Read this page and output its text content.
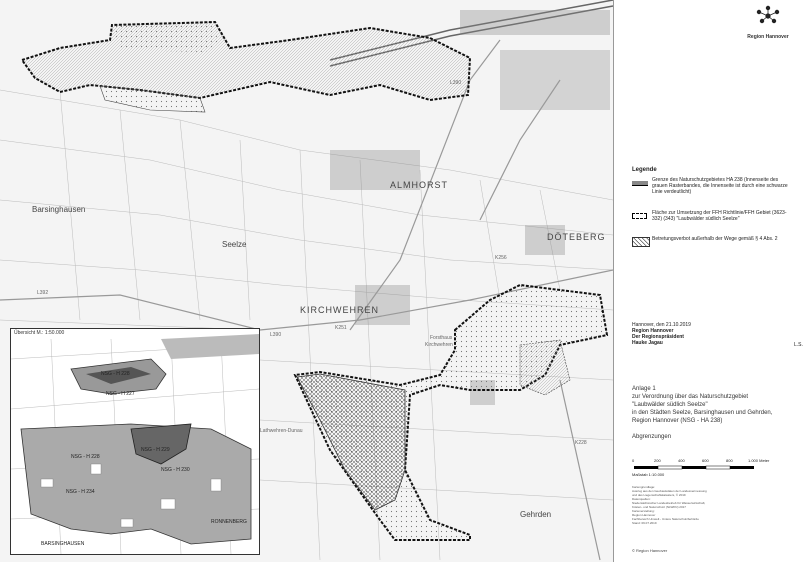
ALMHORST
DÖTEBERG
KIRCHWEHREN
Barsinghausen
Seelze
Gehrden
Forsthaus
Kirchwehren
Lathwehren-Dunau
L390
K251
L390
K256
L392
K228
Übersicht M.: 1:50.000
NSG - H 228
NSG - H 227
NSG - H 228
NSG - H 229
NSG - H 230
NSG - H 234
BARSINGHAUSEN
RONNENBERG
Region Hannover
Legende
Grenze des Naturschutzgebietes HA 238 (Innenseite des grauen Rasterbandes, die Innenseite ist durch eine schwarze Linie verdeutlicht)
Fläche zur Umsetzung der FFH Richtlinie/FFH Gebiet (3623-332) (343) "Laubwälder südlich Seelze"
Betretungsverbot außerhalb der Wege gemäß § 4 Abs. 2
Hannover, den 21.10.2019
Region Hannover
Der Regionspräsident
Hauke Jagau	L.S.
Anlage 1
zur Verordnung über das Naturschutzgebiet
"Laubwälder südlich Seelze"
in den Städten Seelze, Barsinghausen und Gehrden,
Region Hannover (NSG - HA 238)
Abgrenzungen
0	200	400	600	800	1.000 Meter
Maßstab 1:10.000
Kartengrundlage:
Auszug aus den Geobasisdaten der Landesvermessung
und des Liegenschaftskatasters, © 2019
Datenquellen:
Niedersächsischer Landesbetrieb für Wasserwirtschaft,
Küsten- und Naturschutz (NLWKN) 2017
Kartenerstellung:
Region Hannover
Fachbereich Umwelt - Untere Naturschutzbehörde
Stand: 09.07.2019
© Region Hannover
